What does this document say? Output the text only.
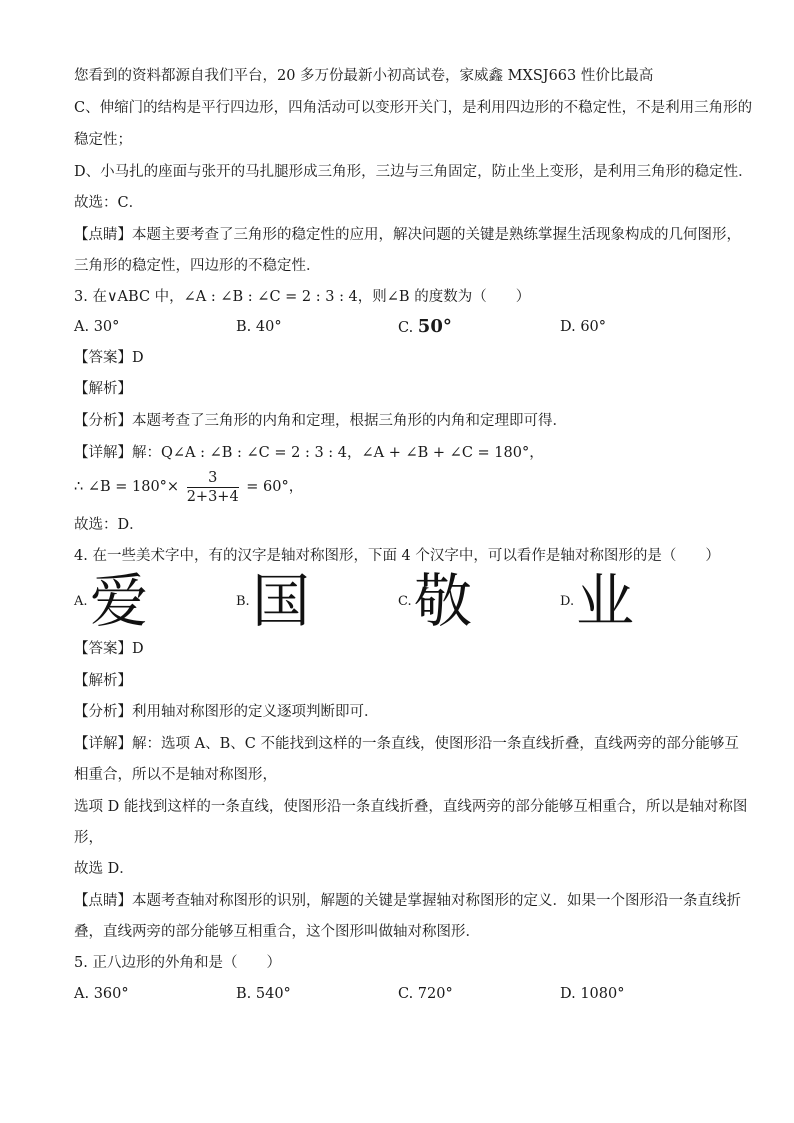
您看到的资料都源自我们平台，20 多万份最新小初高试卷，家威鑫 MXSJ663 性价比最高
C、伸缩门的结构是平行四边形，四角活动可以变形开关门，是利用四边形的不稳定性，不是利用三角形的
稳定性；
D、小马扎的座面与张开的马扎腿形成三角形，三边与三角固定，防止坐上变形，是利用三角形的稳定性．
故选：C．
【点睛】本题主要考查了三角形的稳定性的应用，解决问题的关键是熟练掌握生活现象构成的几何图形，
三角形的稳定性，四边形的不稳定性．
3. 在∨ABC 中，∠A : ∠B : ∠C = 2 : 3 : 4，则∠B 的度数为（　　）
A. 30°	B. 40°	C. 50°	D. 60°
【答案】D
【解析】
【分析】本题考查了三角形的内角和定理，根据三角形的内角和定理即可得．
【详解】解：Q∠A : ∠B : ∠C = 2 : 3 : 4，∠A + ∠B + ∠C = 180°，
∴ ∠B = $180^\circ\times \frac{3}{2+3+4} = 60^\circ$，
故选：D．
4. 在一些美术字中，有的汉字是轴对称图形，下面 4 个汉字中，可以看作是轴对称图形的是（　　）
A. 爱	B. 国	C. 敬	D. 业
【答案】D
【解析】
【分析】利用轴对称图形的定义逐项判断即可．
【详解】解：选项 A、B、C 不能找到这样的一条直线，使图形沿一条直线折叠，直线两旁的部分能够互
相重合，所以不是轴对称图形，
选项 D 能找到这样的一条直线，使图形沿一条直线折叠，直线两旁的部分能够互相重合，所以是轴对称图
形，
故选 D．
【点睛】本题考查轴对称图形的识别，解题的关键是掌握轴对称图形的定义．如果一个图形沿一条直线折
叠，直线两旁的部分能够互相重合，这个图形叫做轴对称图形．
5. 正八边形的外角和是（　　）
A. 360°	B. 540°	C. 720°	D. 1080°
